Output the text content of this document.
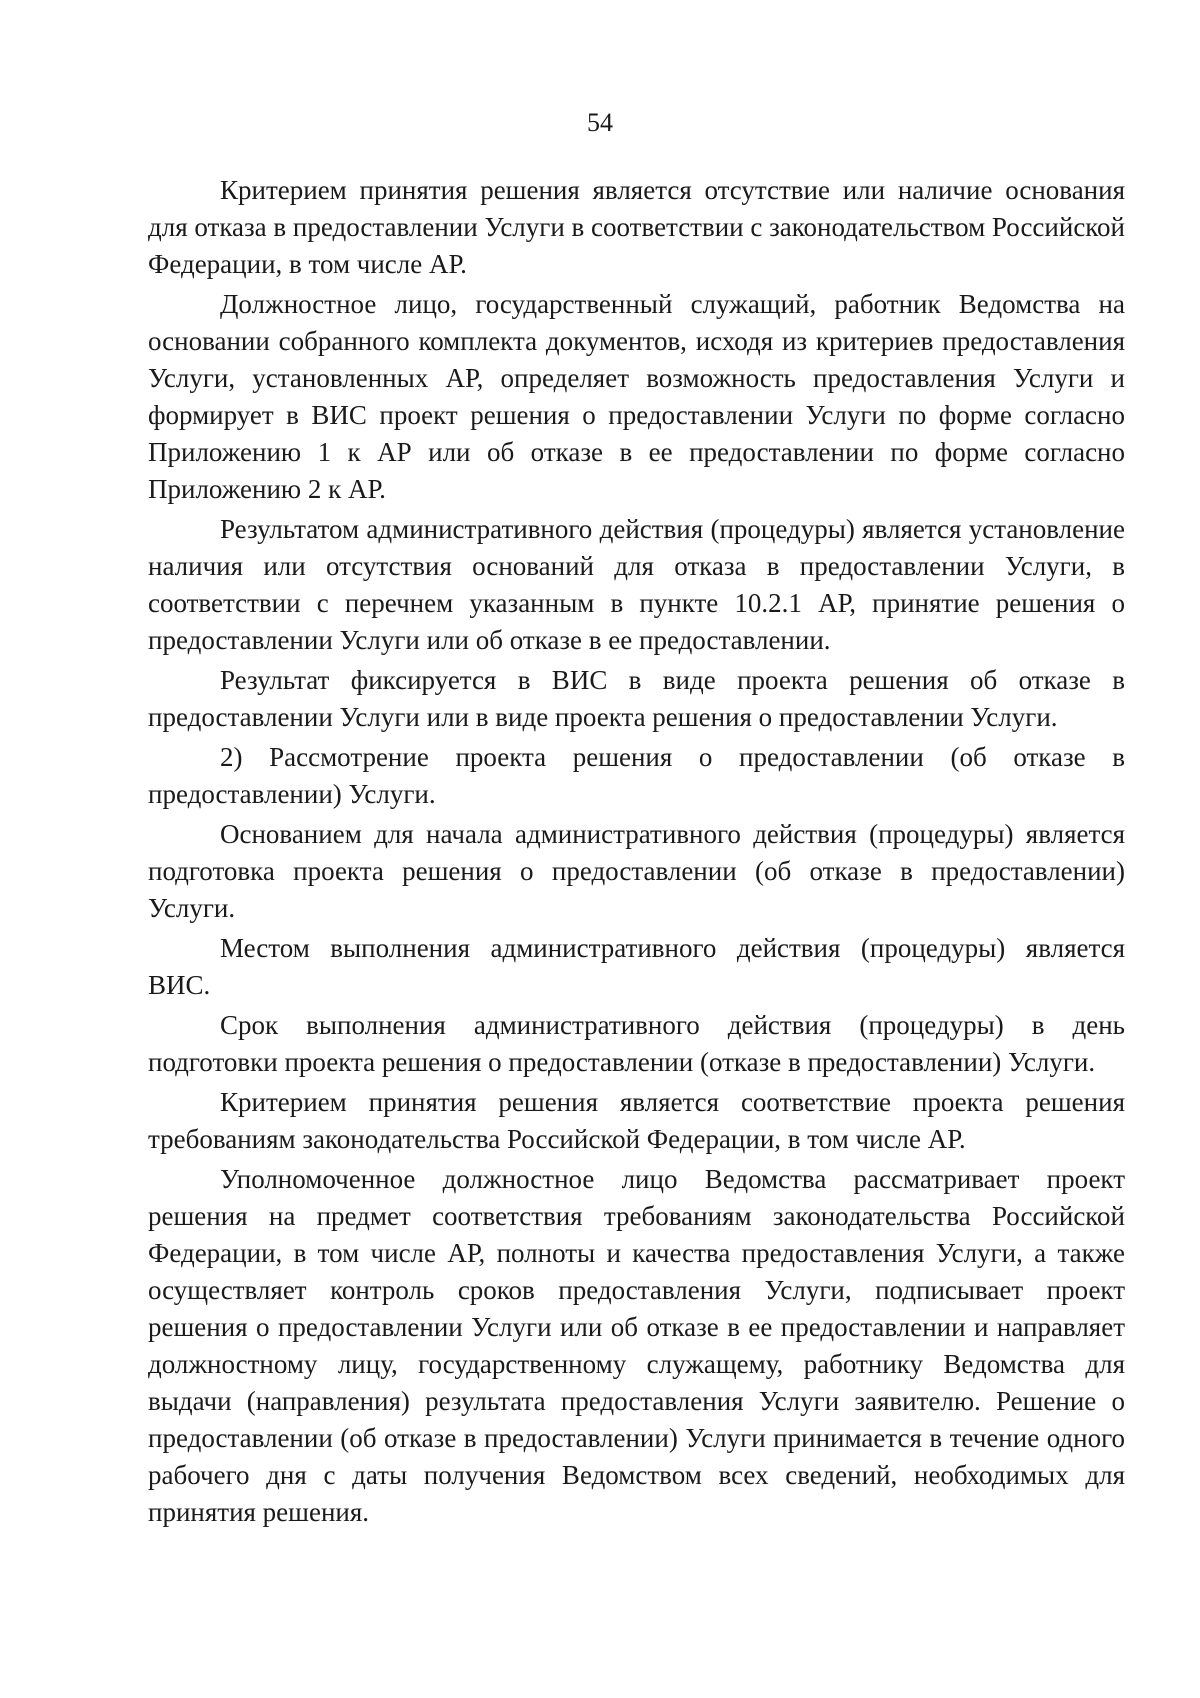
54

Критерием принятия решения является отсутствие или наличие основания для отказа в предоставлении Услуги в соответствии с законодательством Российской Федерации, в том числе АР.

Должностное лицо, государственный служащий, работник Ведомства на основании собранного комплекта документов, исходя из критериев предоставления Услуги, установленных АР, определяет возможность предоставления Услуги и формирует в ВИС проект решения о предоставлении Услуги по форме согласно Приложению 1 к АР или об отказе в ее предоставлении по форме согласно Приложению 2 к АР.

Результатом административного действия (процедуры) является установление наличия или отсутствия оснований для отказа в предоставлении Услуги, в соответствии с перечнем указанным в пункте 10.2.1 АР, принятие решения о предоставлении Услуги или об отказе в ее предоставлении.

Результат фиксируется в ВИС в виде проекта решения об отказе в предоставлении Услуги или в виде проекта решения о предоставлении Услуги.

2) Рассмотрение проекта решения о предоставлении (об отказе в предоставлении) Услуги.

Основанием для начала административного действия (процедуры) является подготовка проекта решения о предоставлении (об отказе в предоставлении) Услуги.

Местом выполнения административного действия (процедуры) является ВИС.

Срок выполнения административного действия (процедуры) в день подготовки проекта решения о предоставлении (отказе в предоставлении) Услуги.

Критерием принятия решения является соответствие проекта решения требованиям законодательства Российской Федерации, в том числе АР.

Уполномоченное должностное лицо Ведомства рассматривает проект решения на предмет соответствия требованиям законодательства Российской Федерации, в том числе АР, полноты и качества предоставления Услуги, а также осуществляет контроль сроков предоставления Услуги, подписывает проект решения о предоставлении Услуги или об отказе в ее предоставлении и направляет должностному лицу, государственному служащему, работнику Ведомства для выдачи (направления) результата предоставления Услуги заявителю. Решение о предоставлении (об отказе в предоставлении) Услуги принимается в течение одного рабочего дня с даты получения Ведомством всех сведений, необходимых для принятия решения.
